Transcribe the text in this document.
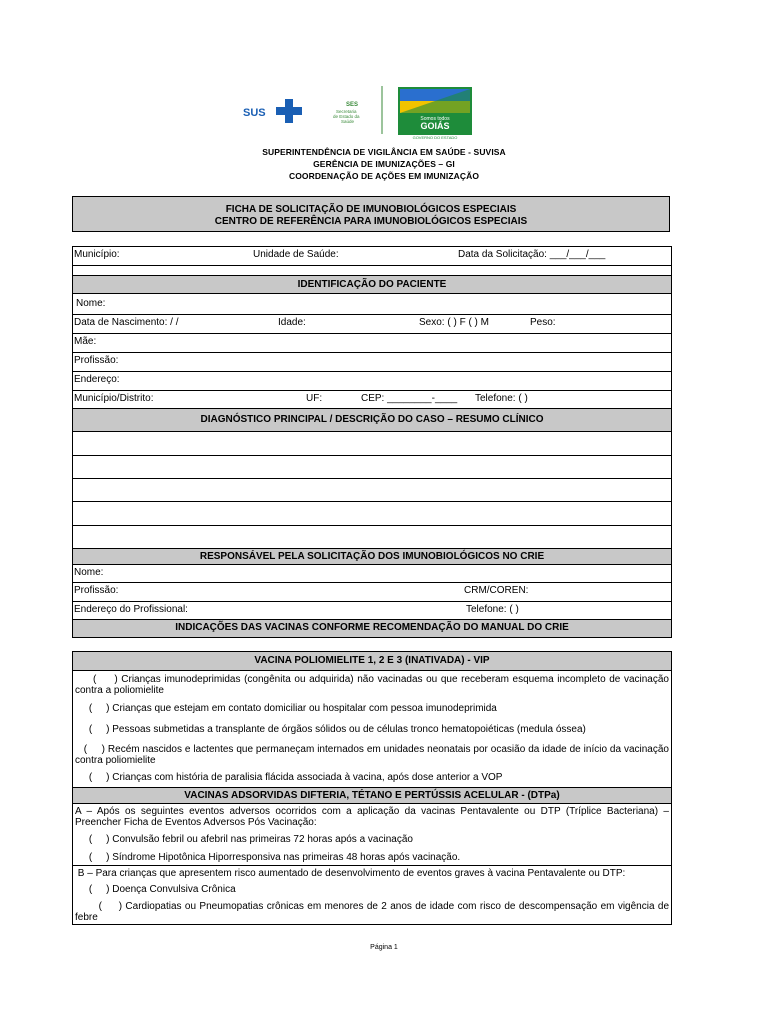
SUS
SES
Secretaria
de Estado da
Saúde	Somos todos
GOIÁS
GOVERNO DO ESTADO
SUPERINTENDÊNCIA DE VIGILÂNCIA EM SAÚDE - SUVISA
GERÊNCIA DE IMUNIZAÇÕES – GI
COORDENAÇÃO DE AÇÕES EM IMUNIZAÇÃO
FICHA DE SOLICITAÇÃO DE IMUNOBIOLÓGICOS ESPECIAIS
CENTRO DE REFERÊNCIA PARA IMUNOBIOLÓGICOS ESPECIAIS
Município:	Unidade de Saúde:	Data da Solicitação: ___/___/___
IDENTIFICAÇÃO DO PACIENTE
Nome:
Data de Nascimento: / /	Idade:	Sexo: ( ) F ( ) M	Peso:
Mãe:
Profissão:
Endereço:
Município/Distrito:	UF:	CEP: ________-____ Telefone: ( )
DIAGNÓSTICO PRINCIPAL / DESCRIÇÃO DO CASO – RESUMO CLÍNICO
RESPONSÁVEL PELA SOLICITAÇÃO DOS IMUNOBIOLÓGICOS NO CRIE
Nome:
Profissão:	CRM/COREN:
Endereço do Profissional:	Telefone: ( )
INDICAÇÕES DAS VACINAS CONFORME RECOMENDAÇÃO DO MANUAL DO CRIE
VACINA POLIOMIELITE 1, 2 E 3 (INATIVADA) - VIP
(     ) Crianças imunodeprimidas (congênita ou adquirida) não vacinadas ou que receberam esquema incompleto de vacinação contra a poliomielite
(     ) Crianças que estejam em contato domiciliar ou hospitalar com pessoa imunodeprimida
(     ) Pessoas submetidas a transplante de órgãos sólidos ou de células tronco hematopoiéticas (medula óssea)
(     ) Recém nascidos e lactentes que permaneçam internados em unidades neonatais por ocasião da idade de início da vacinação contra poliomielite
(     ) Crianças com história de paralisia flácida associada à vacina, após dose anterior a VOP
VACINAS ADSORVIDAS DIFTERIA, TÉTANO E PERTÚSSIS ACELULAR - (DTPa)
A – Após os seguintes eventos adversos ocorridos com a aplicação da vacinas Pentavalente ou DTP (Tríplice Bacteriana) – Preencher Ficha de Eventos Adversos Pós Vacinação:
(     ) Convulsão febril ou afebril nas primeiras 72 horas após a vacinação
(     ) Síndrome Hipotônica Hiporresponsiva nas primeiras 48 horas após vacinação.
B – Para crianças que apresentem risco aumentado de desenvolvimento de eventos graves à vacina Pentavalente ou DTP:
(     ) Doença Convulsiva Crônica
(     ) Cardiopatias ou Pneumopatias crônicas em menores de 2 anos de idade com risco de descompensação em vigência de febre
Página 1
